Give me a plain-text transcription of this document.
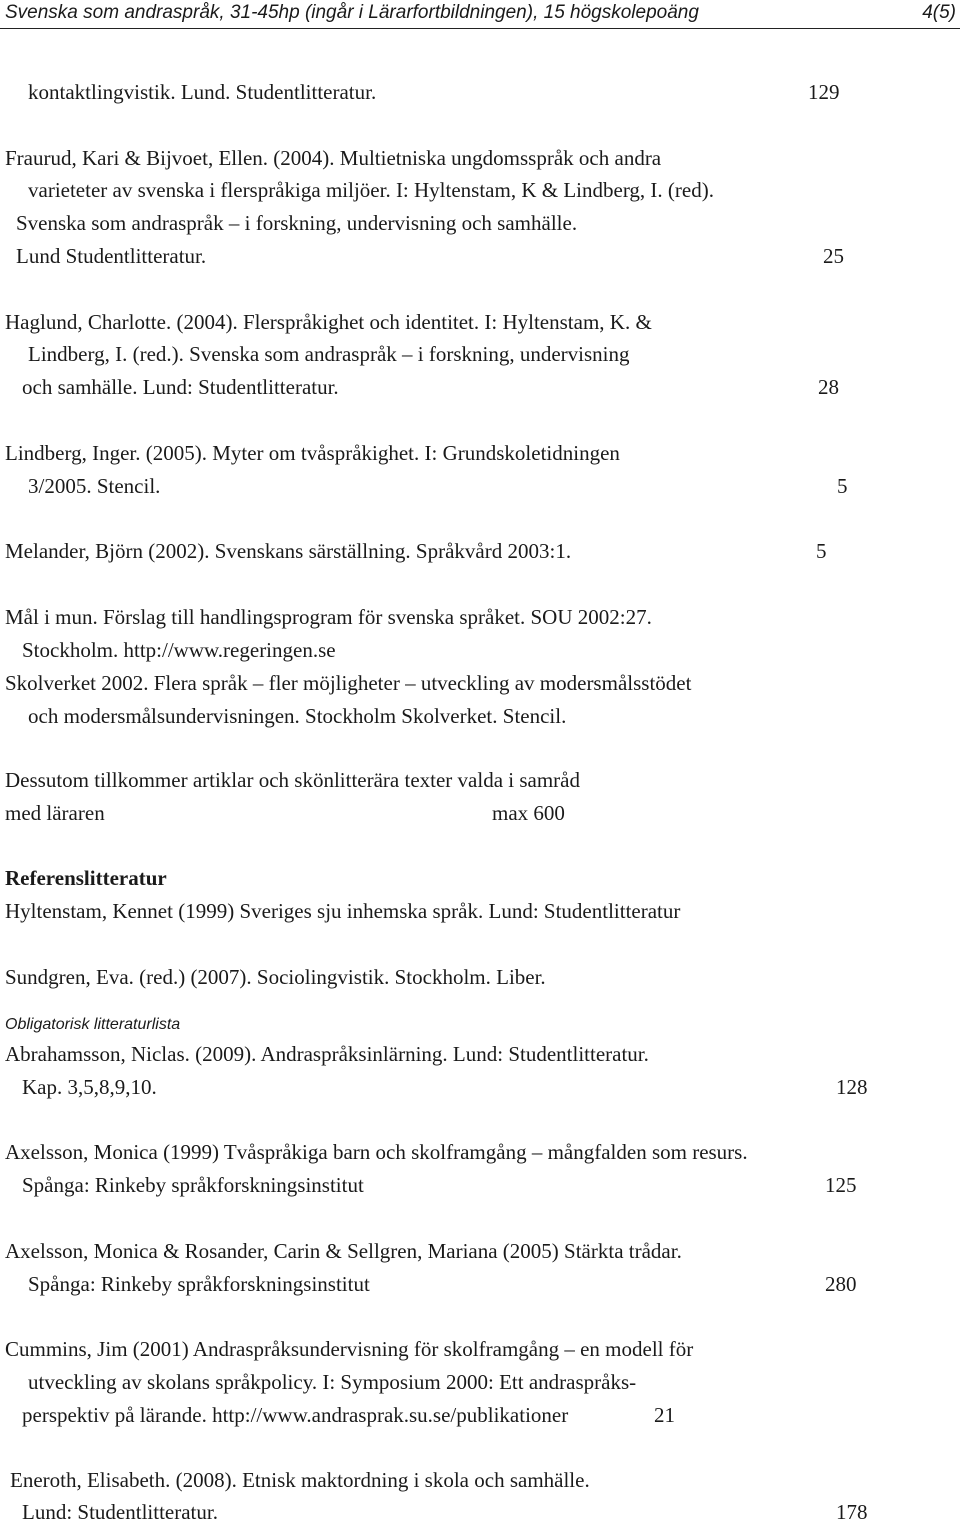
Svenska som andraspråk, 31-45hp (ingår i Lärarfortbildningen), 15 högskolepoäng	4(5)
kontaktlingvistik. Lund. Studentlitteratur.	129
Fraurud, Kari & Bijvoet, Ellen. (2004). Multietniska ungdomsspråk och andra
varieteter av svenska i flerspråkiga miljöer. I: Hyltenstam, K & Lindberg, I. (red).
Svenska som andraspråk – i forskning, undervisning och samhälle.
Lund Studentlitteratur.	25
Haglund, Charlotte. (2004). Flerspråkighet och identitet. I: Hyltenstam, K. &
Lindberg, I. (red.). Svenska som andraspråk – i forskning, undervisning
och samhälle. Lund: Studentlitteratur.	28
Lindberg, Inger. (2005). Myter om tvåspråkighet. I: Grundskoletidningen
3/2005. Stencil.	5
Melander, Björn (2002). Svenskans särställning. Språkvård 2003:1.	5
Mål i mun. Förslag till handlingsprogram för svenska språket. SOU 2002:27.
Stockholm. http://www.regeringen.se
Skolverket 2002. Flera språk – fler möjligheter – utveckling av modersmålsstödet
och modersmålsundervisningen. Stockholm Skolverket. Stencil.
Dessutom tillkommer artiklar och skönlitterära texter valda i samråd
med läraren	max 600
Referenslitteratur
Hyltenstam, Kennet (1999) Sveriges sju inhemska språk. Lund: Studentlitteratur
Sundgren, Eva. (red.) (2007). Sociolingvistik. Stockholm. Liber.
Obligatorisk litteraturlista
Abrahamsson, Niclas. (2009). Andraspråksinlärning. Lund: Studentlitteratur.
Kap. 3,5,8,9,10.	128
Axelsson, Monica (1999) Tvåspråkiga barn och skolframgång – mångfalden som resurs.
Spånga: Rinkeby språkforskningsinstitut	125
Axelsson, Monica & Rosander, Carin & Sellgren, Mariana (2005) Stärkta trådar.
Spånga: Rinkeby språkforskningsinstitut	280
Cummins, Jim (2001) Andraspråksundervisning för skolframgång – en modell för
utveckling av skolans språkpolicy. I: Symposium 2000: Ett andraspråks-
perspektiv på lärande. http://www.andrasprak.su.se/publikationer	21
Eneroth, Elisabeth. (2008). Etnisk maktordning i skola och samhälle.
Lund: Studentlitteratur.	178
